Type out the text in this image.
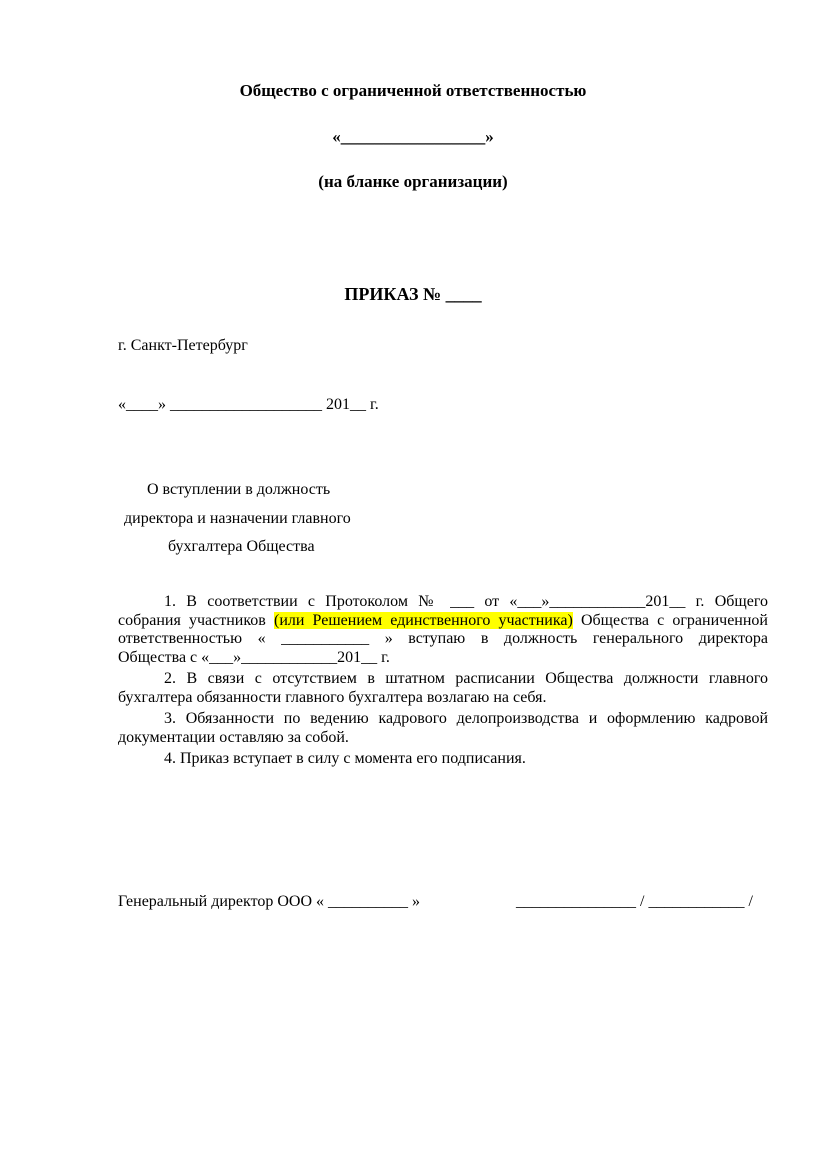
Общество с ограниченной ответственностью
«_________________»
(на бланке организации)
ПРИКАЗ № ____
г. Санкт-Петербург
«____» ___________________ 201__ г.
О вступлении в должность
директора и назначении главного
бухгалтера Общества
1. В соответствии с Протоколом № ___ от «___»____________201__ г. Общего
собрания участников (или Решением единственного участника) Общества с ограниченной
ответственностью « ___________ » вступаю в должность генерального директора
Общества с «___»____________201__ г.
2. В связи с отсутствием в штатном расписании Общества должности главного
бухгалтера обязанности главного бухгалтера возлагаю на себя.
3. Обязанности по ведению кадрового делопроизводства и оформлению кадровой
документации оставляю за собой.
4. Приказ вступает в силу с момента его подписания.
Генеральный директор ООО « __________ »	_______________ / ____________ /
